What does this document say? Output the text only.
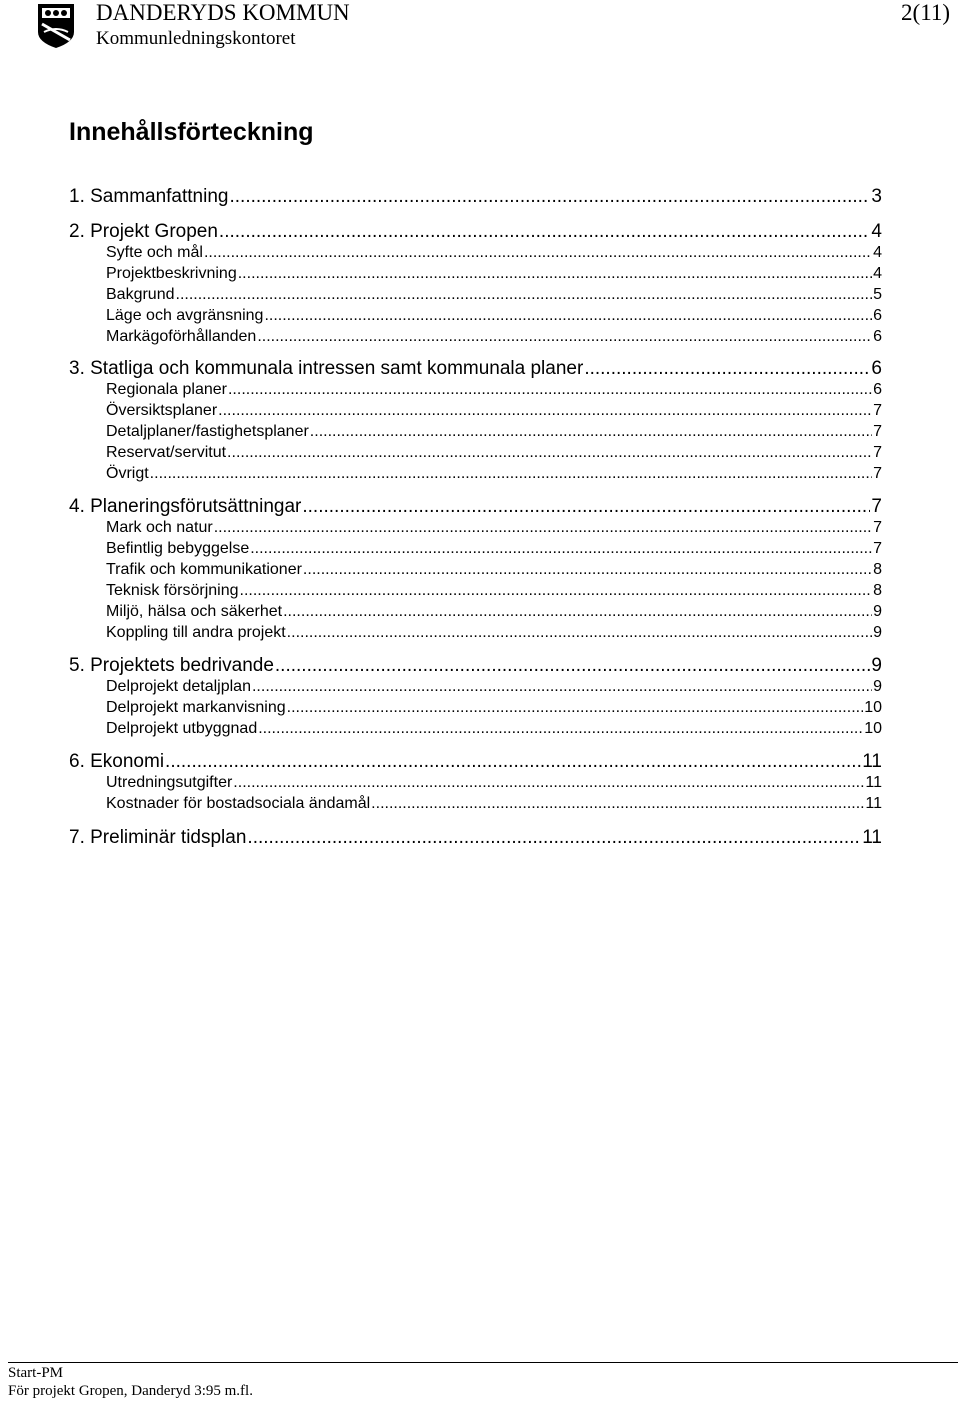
DANDERYDS KOMMUN
Kommunledningskontoret
2(11)
Innehållsförteckning
1. Sammanfattning .....	3
2. Projekt Gropen .....	4
Syfte och mål .....	4
Projektbeskrivning .....	4
Bakgrund .....	5
Läge och avgränsning .....	6
Markägoförhållanden .....	6
3. Statliga och kommunala intressen samt kommunala planer .....	6
Regionala planer .....	6
Översiktsplaner .....	7
Detaljplaner/fastighetsplaner .....	7
Reservat/servitut .....	7
Övrigt .....	7
4. Planeringsförutsättningar .....	7
Mark och natur .....	7
Befintlig bebyggelse .....	7
Trafik och kommunikationer .....	8
Teknisk försörjning .....	8
Miljö, hälsa och säkerhet .....	9
Koppling till andra projekt .....	9
5. Projektets bedrivande .....	9
Delprojekt detaljplan .....	9
Delprojekt markanvisning .....	10
Delprojekt utbyggnad .....	10
6. Ekonomi .....	11
Utredningsutgifter .....	11
Kostnader för bostadsociala ändamål .....	11
7. Preliminär tidsplan .....	11
Start-PM
För projekt Gropen, Danderyd 3:95 m.fl.
